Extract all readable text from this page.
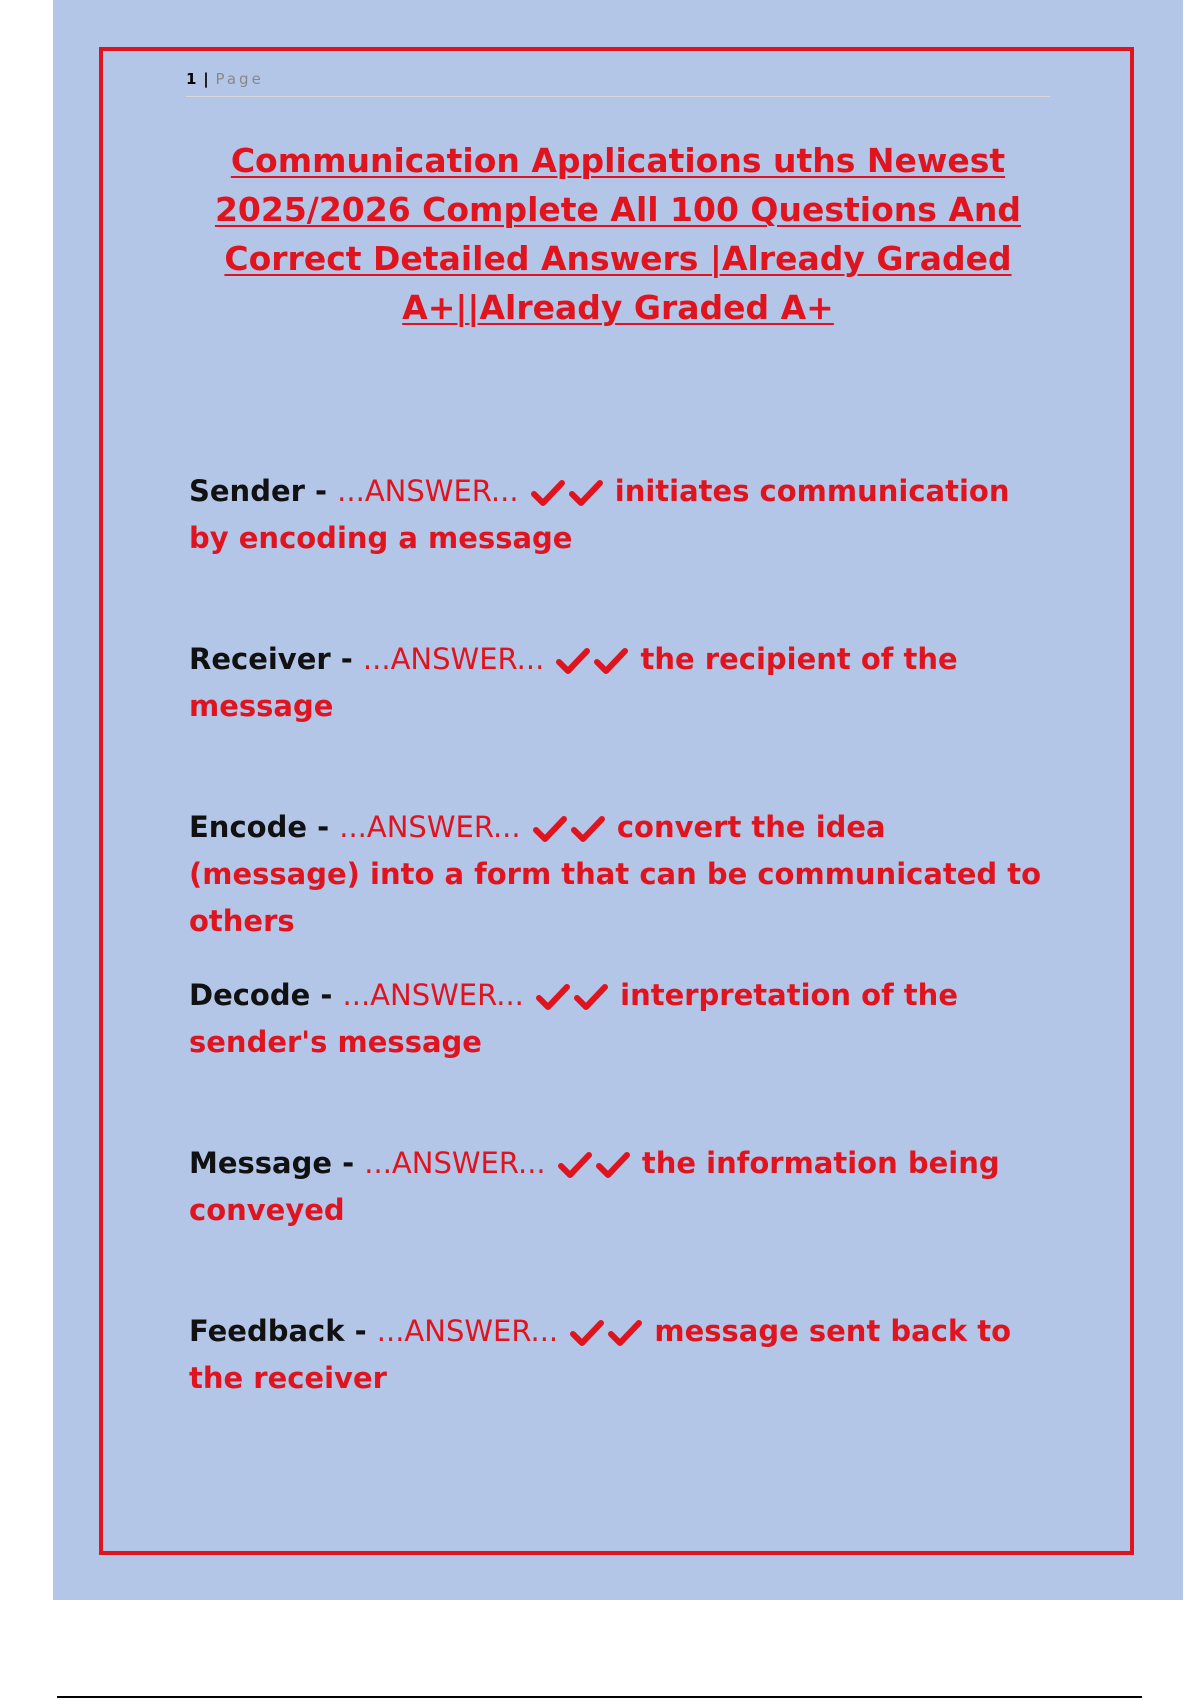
1 | Page
Communication Applications uths Newest 2025/2026 Complete All 100 Questions And Correct Detailed Answers |Already Graded A+||Already Graded A+
Sender - ...ANSWER...	initiates communication by encoding a message
Receiver - ...ANSWER...	the recipient of the message
Encode - ...ANSWER...	convert the idea (message) into a form that can be communicated to others
Decode - ...ANSWER...	interpretation of the sender's message
Message - ...ANSWER...	the information being conveyed
Feedback - ...ANSWER...	message sent back to the receiver
